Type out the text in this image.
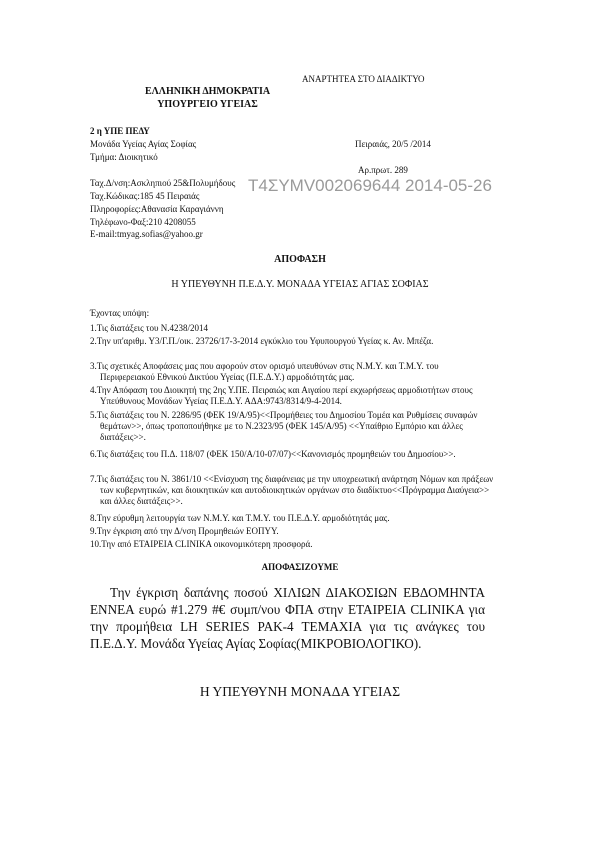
ΑΝΑΡΤΗΤΕΑ ΣΤΟ ΔΙΑΔΙΚΤΥΟ
ΕΛΛΗΝΙΚΗ ΔΗΜΟΚΡΑΤΙΑ
ΥΠΟΥΡΓΕΙΟ ΥΓΕΙΑΣ
2 η ΥΠΕ ΠΕΔΥ
Μονάδα Υγείας Αγίας Σοφίας	Πειραιάς, 20/5 /2014
Τμήμα: Διοικητικό
Αρ.πρωτ. 289
Ταχ.Δ/νση:Ασκληπιού 25&Πολυμήδους Τ4ΣΥΜV002069644 2014-05-26
Ταχ.Κώδικας:185 45 Πειραιάς
Πληροφορίες:Αθανασία Καραγιάννη
Τηλέφωνο-Φαξ:210 4208055
E-mail:tmyag.sofias@yahoo.gr
ΑΠΟΦΑΣΗ
Η ΥΠΕΥΘΥΝΗ Π.Ε.Δ.Υ. ΜΟΝΑΔΑ ΥΓΕΙΑΣ ΑΓΙΑΣ ΣΟΦΙΑΣ
Έχοντας υπόψη:
1.Τις διατάξεις του Ν.4238/2014
2.Την υπ'αριθμ. Υ3/Γ.Π./οικ. 23726/17-3-2014 εγκύκλιο του Υφυπουργού Υγείας κ. Αν. Μπέζα.
3.Τις σχετικές Αποφάσεις μας που αφορούν στον ορισμό υπευθύνων στις Ν.Μ.Υ. και Τ.Μ.Υ. του Περιφερειακού Εθνικού Δικτύου Υγείας (Π.Ε.Δ.Υ.) αρμοδιότητάς μας.
4.Την Απόφαση του Διοικητή της 2ης Υ.ΠΕ. Πειραιώς και Αιγαίου περί εκχωρήσεως αρμοδιοτήτων στους Υπεύθυνους Μονάδων Υγείας Π.Ε.Δ.Υ. ΑΔΑ:9743/8314/9-4-2014.
5.Τις διατάξεις του Ν. 2286/95 (ΦΕΚ 19/Α/95)<<Προμήθειες του Δημοσίου Τομέα και Ρυθμίσεις συναφών θεμάτων>>, όπως τροποποιήθηκε με το Ν.2323/95 (ΦΕΚ 145/Α/95) <<Υπαίθριο Εμπόριο και άλλες διατάξεις>>.
6.Τις διατάξεις του Π.Δ. 118/07 (ΦΕΚ 150/Α/10-07/07)<<Κανονισμός προμηθειών του Δημοσίου>>.
7.Τις διατάξεις του Ν. 3861/10 <<Ενίσχυση της διαφάνειας με την υποχρεωτική ανάρτηση Νόμων και πράξεων των κυβερνητικών, και διοικητικών και αυτοδιοικητικών οργάνων στο διαδίκτυο<<Πρόγραμμα Διαύγεια>> και άλλες διατάξεις>>.
8.Την εύρυθμη λειτουργία των Ν.Μ.Υ. και Τ.Μ.Υ. του Π.Ε.Δ.Υ. αρμοδιότητάς μας.
9.Την έγκριση από την Δ/νση Προμηθειών ΕΟΠΥΥ.
10.Την από ΕΤΑΙΡΕΙΑ CLINIKA οικονομικότερη προσφορά.
ΑΠΟΦΑΣΙΖΟΥΜΕ
Την έγκριση δαπάνης ποσού ΧΙΛΙΩΝ ΔΙΑΚΟΣΙΩΝ ΕΒΔΟΜΗΝΤΑ ΕΝΝΕΑ ευρώ #1.279 #€ συμπ/νου ΦΠΑ στην ΕΤΑΙΡΕΙΑ CLINIKA για την προμήθεια LH SERIES PAK-4 ΤΕΜΑΧΙΑ για τις ανάγκες του Π.Ε.Δ.Υ. Μονάδα Υγείας Αγίας Σοφίας(ΜΙΚΡΟΒΙΟΛΟΓΙΚΟ).
Η ΥΠΕΥΘΥΝΗ ΜΟΝΑΔΑ ΥΓΕΙΑΣ
